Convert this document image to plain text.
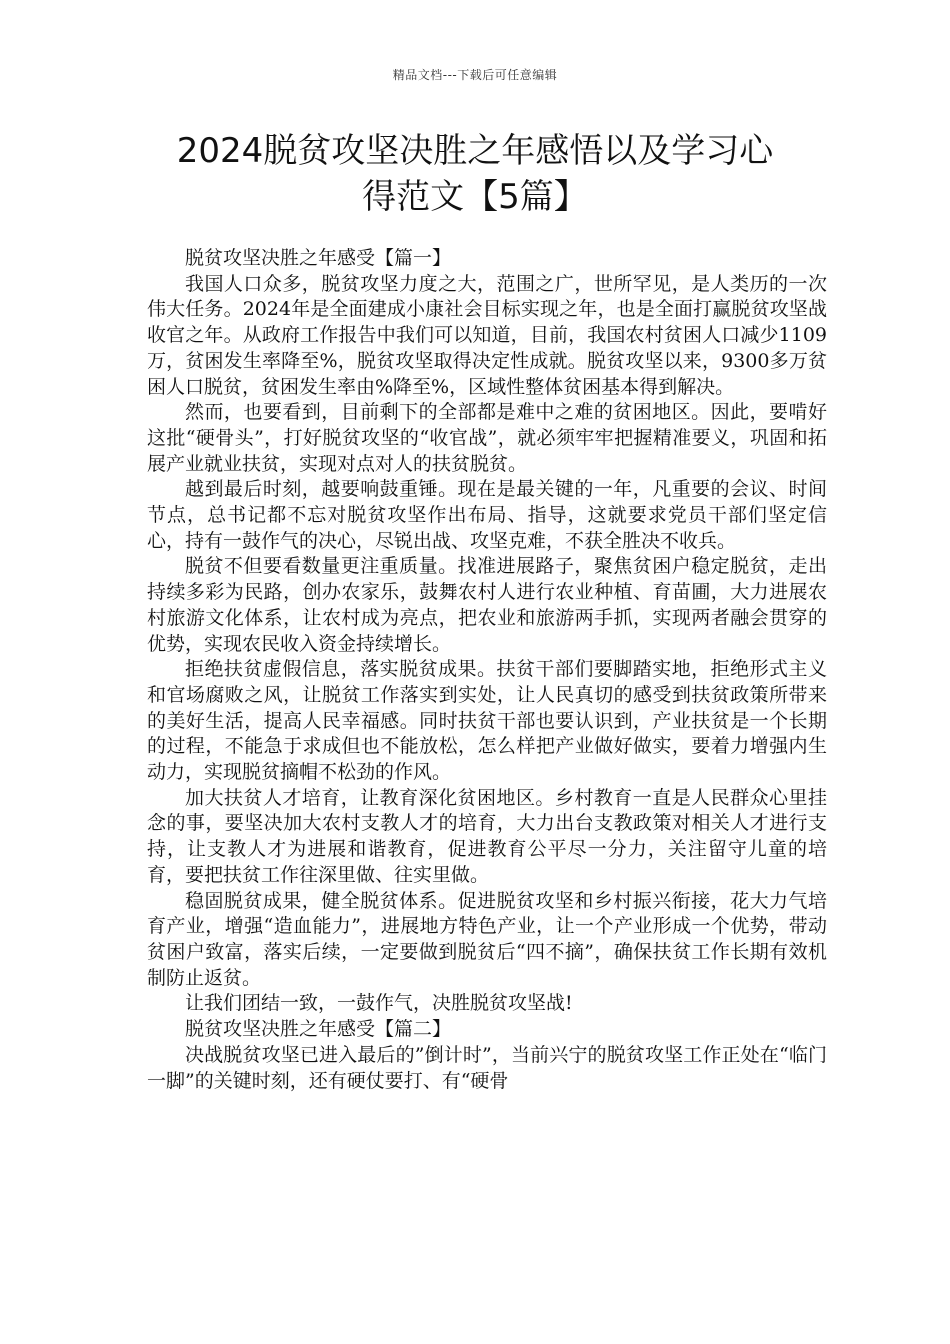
精品文档---下载后可任意编辑
2024脱贫攻坚决胜之年感悟以及学习心
得范文【5篇】

脱贫攻坚决胜之年感受【篇一】

我国人口众多，脱贫攻坚力度之大，范围之广，世所罕见，是人类历的一次伟大任务。2024年是全面建成小康社会目标实现之年，也是全面打赢脱贫攻坚战收官之年。从政府工作报告中我们可以知道，目前，我国农村贫困人口减少1109万，贫困发生率降至%，脱贫攻坚取得决定性成就。脱贫攻坚以来，9300多万贫困人口脱贫，贫困发生率由%降至%，区域性整体贫困基本得到解决。

然而，也要看到，目前剩下的全部都是难中之难的贫困地区。因此，要啃好这批“硬骨头”，打好脱贫攻坚的“收官战”，就必须牢牢把握精准要义，巩固和拓展产业就业扶贫，实现对点对人的扶贫脱贫。

越到最后时刻，越要响鼓重锤。现在是最关键的一年，凡重要的会议、时间节点，总书记都不忘对脱贫攻坚作出布局、指导，这就要求党员干部们坚定信心，持有一鼓作气的决心，尽锐出战、攻坚克难，不获全胜决不收兵。

脱贫不但要看数量更注重质量。找准进展路子，聚焦贫困户稳定脱贫，走出持续多彩为民路，创办农家乐，鼓舞农村人进行农业种植、育苗圃，大力进展农村旅游文化体系，让农村成为亮点，把农业和旅游两手抓，实现两者融会贯穿的优势，实现农民收入资金持续增长。

拒绝扶贫虚假信息，落实脱贫成果。扶贫干部们要脚踏实地，拒绝形式主义和官场腐败之风，让脱贫工作落实到实处，让人民真切的感受到扶贫政策所带来的美好生活，提高人民幸福感。同时扶贫干部也要认识到，产业扶贫是一个长期的过程，不能急于求成但也不能放松，怎么样把产业做好做实，要着力增强内生动力，实现脱贫摘帽不松劲的作风。

加大扶贫人才培育，让教育深化贫困地区。乡村教育一直是人民群众心里挂念的事，要坚决加大农村支教人才的培育，大力出台支教政策对相关人才进行支持，让支教人才为进展和谐教育，促进教育公平尽一分力，关注留守儿童的培育，要把扶贫工作往深里做、往实里做。

稳固脱贫成果，健全脱贫体系。促进脱贫攻坚和乡村振兴衔接，花大力气培育产业，增强“造血能力”，进展地方特色产业，让一个产业形成一个优势，带动贫困户致富，落实后续，一定要做到脱贫后“四不摘”，确保扶贫工作长期有效机制防止返贫。

让我们团结一致，一鼓作气，决胜脱贫攻坚战!

脱贫攻坚决胜之年感受【篇二】

决战脱贫攻坚已进入最后的”倒计时”，当前兴宁的脱贫攻坚工作正处在“临门一脚”的关键时刻，还有硬仗要打、有“硬骨
